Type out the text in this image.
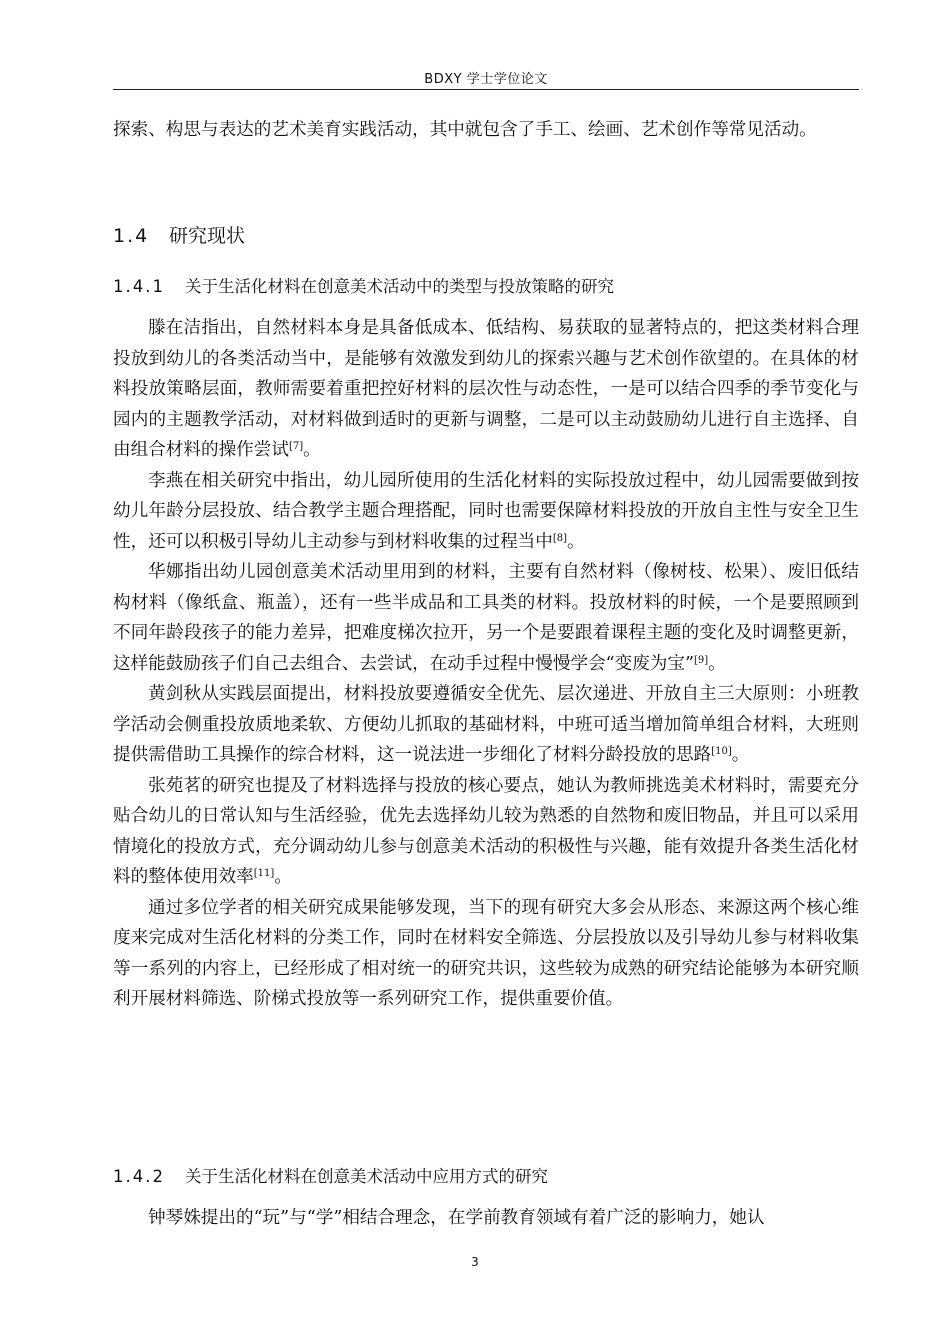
BDXY 学士学位论文

探索、构思与表达的艺术美育实践活动，其中就包含了手工、绘画、艺术创作等常见活动。

1.4 研究现状
1.4.1 关于生活化材料在创意美术活动中的类型与投放策略的研究

滕在洁指出，自然材料本身是具备低成本、低结构、易获取的显著特点的，把这类材料合理投放到幼儿的各类活动当中，是能够有效激发到幼儿的探索兴趣与艺术创作欲望的。在具体的材料投放策略层面，教师需要着重把控好材料的层次性与动态性，一是可以结合四季的季节变化与园内的主题教学活动，对材料做到适时的更新与调整，二是可以主动鼓励幼儿进行自主选择、自由组合材料的操作尝试[7]。

李燕在相关研究中指出，幼儿园所使用的生活化材料的实际投放过程中，幼儿园需要做到按幼儿年龄分层投放、结合教学主题合理搭配，同时也需要保障材料投放的开放自主性与安全卫生性，还可以积极引导幼儿主动参与到材料收集的过程当中[8]。

华娜指出幼儿园创意美术活动里用到的材料，主要有自然材料（像树枝、松果）、废旧低结构材料（像纸盒、瓶盖），还有一些半成品和工具类的材料。投放材料的时候，一个是要照顾到不同年龄段孩子的能力差异，把难度梯次拉开，另一个是要跟着课程主题的变化及时调整更新，这样能鼓励孩子们自己去组合、去尝试，在动手过程中慢慢学会“变废为宝”[9]。

黄剑秋从实践层面提出，材料投放要遵循安全优先、层次递进、开放自主三大原则：小班教学活动会侧重投放质地柔软、方便幼儿抓取的基础材料，中班可适当增加简单组合材料，大班则提供需借助工具操作的综合材料，这一说法进一步细化了材料分龄投放的思路[10]。

张苑茗的研究也提及了材料选择与投放的核心要点，她认为教师挑选美术材料时，需要充分贴合幼儿的日常认知与生活经验，优先去选择幼儿较为熟悉的自然物和废旧物品，并且可以采用情境化的投放方式，充分调动幼儿参与创意美术活动的积极性与兴趣，能有效提升各类生活化材料的整体使用效率[11]。

通过多位学者的相关研究成果能够发现，当下的现有研究大多会从形态、来源这两个核心维度来完成对生活化材料的分类工作，同时在材料安全筛选、分层投放以及引导幼儿参与材料收集等一系列的内容上，已经形成了相对统一的研究共识，这些较为成熟的研究结论能够为本研究顺利开展材料筛选、阶梯式投放等一系列研究工作，提供重要价值。

1.4.2 关于生活化材料在创意美术活动中应用方式的研究

钟琴姝提出的“玩”与“学”相结合理念，在学前教育领域有着广泛的影响力，她认

3
